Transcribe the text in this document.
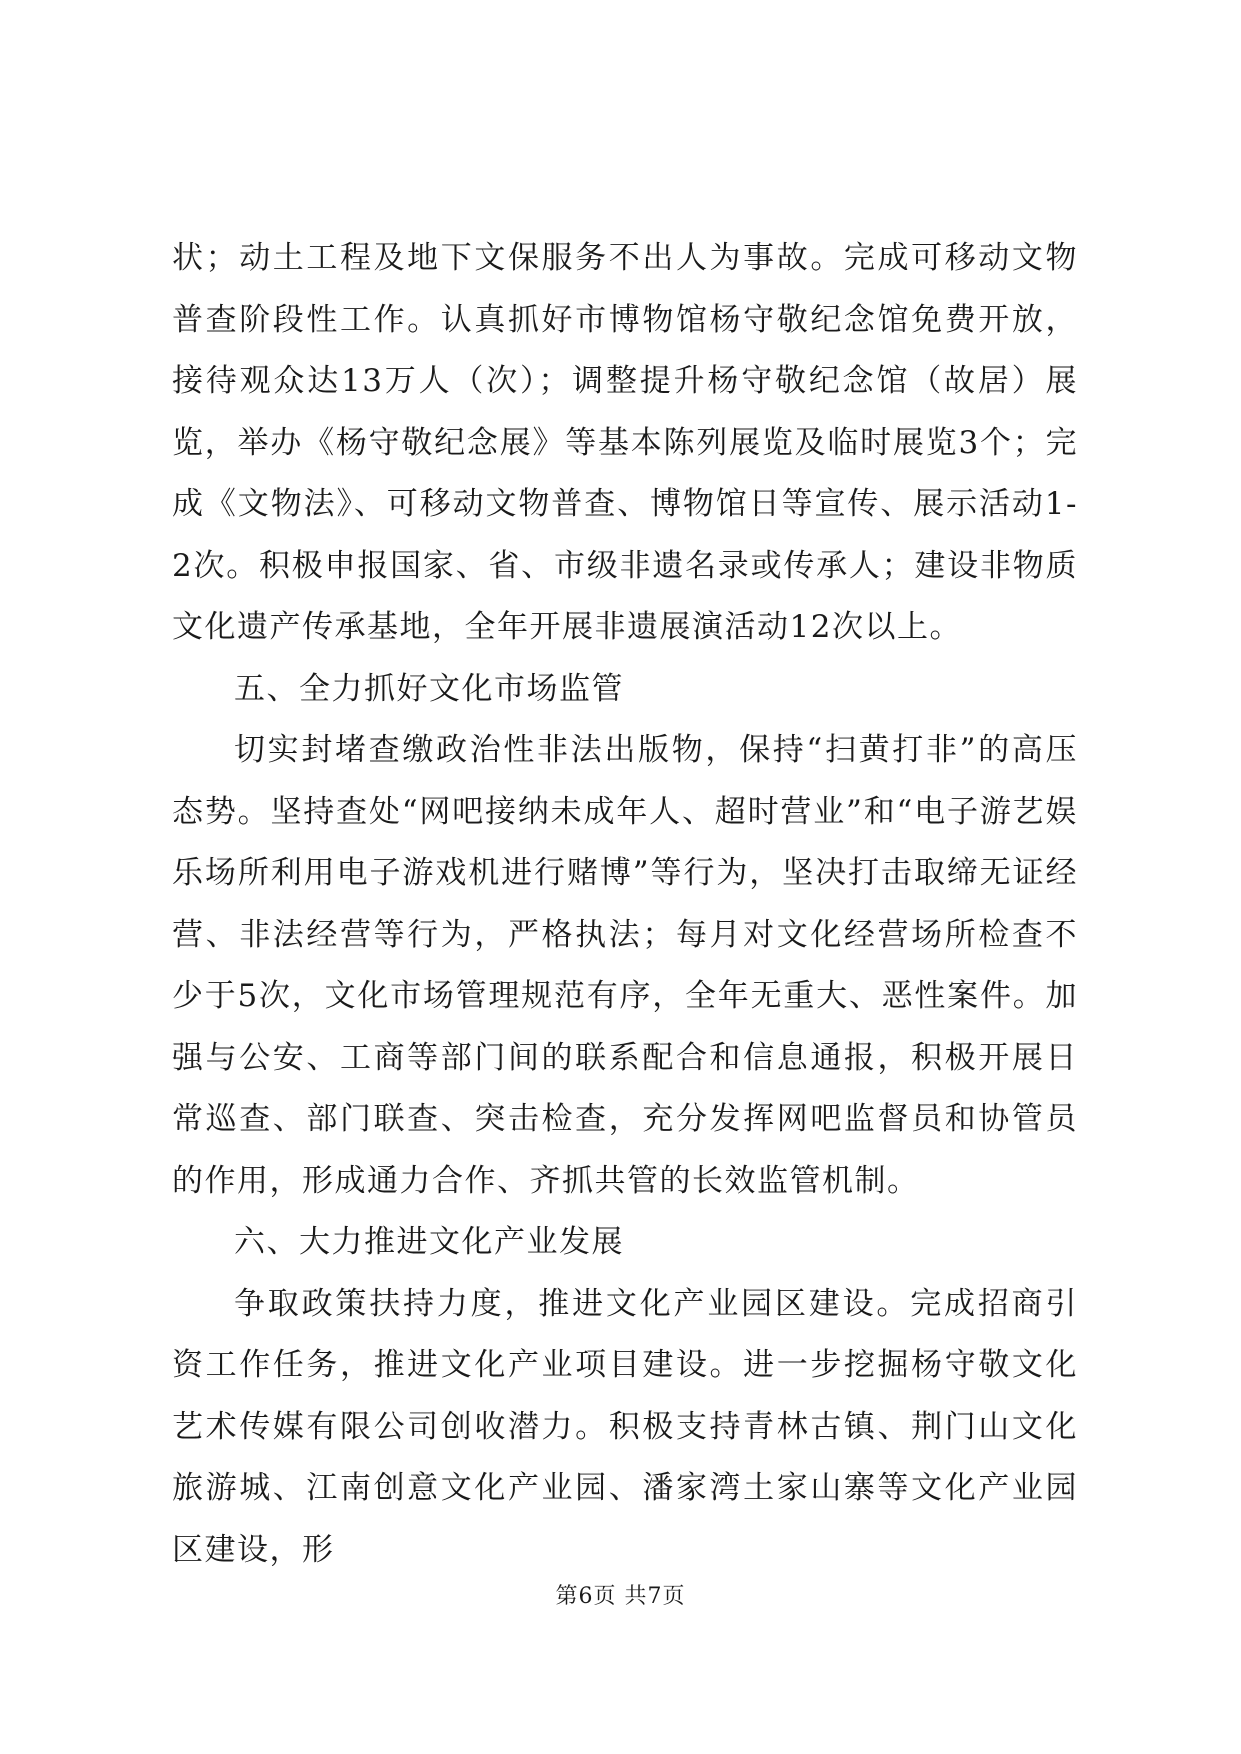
状；动土工程及地下文保服务不出人为事故。完成可移动文物普查阶段性工作。认真抓好市博物馆杨守敬纪念馆免费开放，接待观众达13万人（次）；调整提升杨守敬纪念馆（故居）展览，举办《杨守敬纪念展》等基本陈列展览及临时展览3个；完成《文物法》、可移动文物普查、博物馆日等宣传、展示活动1-2次。积极申报国家、省、市级非遗名录或传承人；建设非物质文化遗产传承基地，全年开展非遗展演活动12次以上。

五、全力抓好文化市场监管

切实封堵查缴政治性非法出版物，保持“扫黄打非”的高压态势。坚持查处“网吧接纳未成年人、超时营业”和“电子游艺娱乐场所利用电子游戏机进行赌博”等行为，坚决打击取缔无证经营、非法经营等行为，严格执法；每月对文化经营场所检查不少于5次，文化市场管理规范有序，全年无重大、恶性案件。加强与公安、工商等部门间的联系配合和信息通报，积极开展日常巡查、部门联查、突击检查，充分发挥网吧监督员和协管员的作用，形成通力合作、齐抓共管的长效监管机制。

六、大力推进文化产业发展

争取政策扶持力度，推进文化产业园区建设。完成招商引资工作任务，推进文化产业项目建设。进一步挖掘杨守敬文化艺术传媒有限公司创收潜力。积极支持青林古镇、荆门山文化旅游城、江南创意文化产业园、潘家湾土家山寨等文化产业园区建设，形

第6页 共7页
